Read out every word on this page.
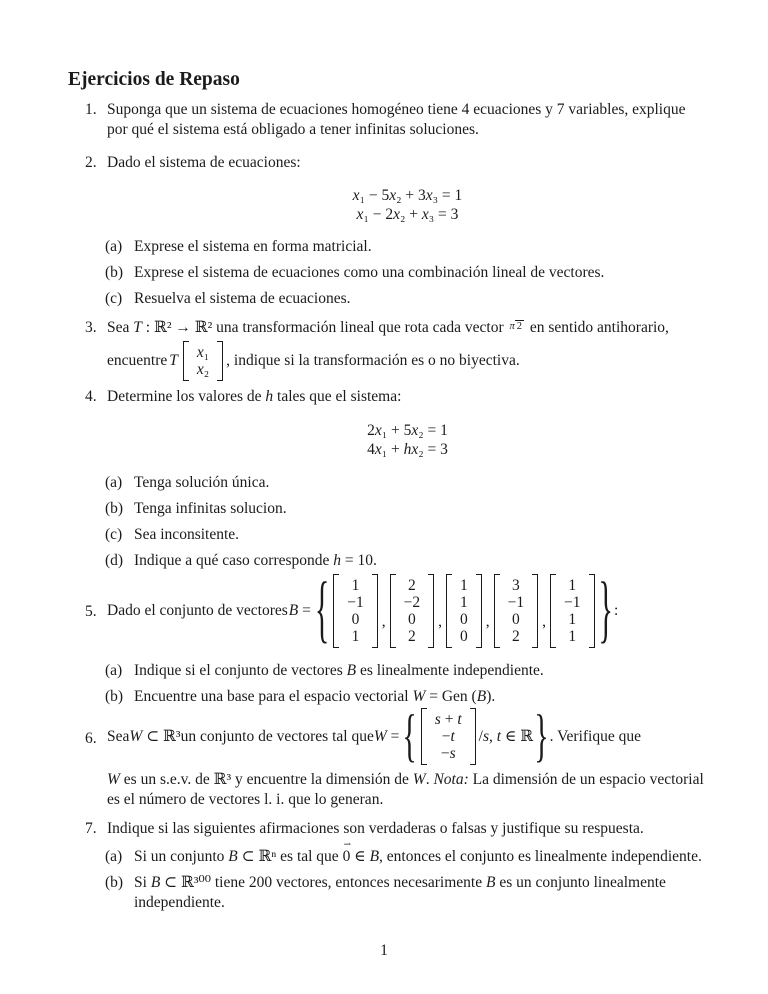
Ejercicios de Repaso
1. Suponga que un sistema de ecuaciones homogéneo tiene 4 ecuaciones y 7 variables, explique por qué el sistema está obligado a tener infinitas soluciones.
2. Dado el sistema de ecuaciones:
x₁ − 5x₂ + 3x₃ = 1
x₁ − 2x₂ + x₃ = 3
(a) Exprese el sistema en forma matricial.
(b) Exprese el sistema de ecuaciones como una combinación lineal de vectores.
(c) Resuelva el sistema de ecuaciones.
3. Sea T : ℝ² → ℝ² una transformación lineal que rota cada vector π 2 en sentido antihorario,
encuentre T x₁
x₂
, indique si la transformación es o no biyectiva.
4. Determine los valores de h tales que el sistema:
2x₁ + 5x₂ = 1
4x₁ + hx₂ = 3
(a) Tenga solución única.
(b) Tenga infinitas solucion.
(c) Sea inconsitente.
(d) Indique a qué caso corresponde h = 10.
5. Dado el conjunto de vectores B = { 1
−1
0
1
,
2
−2
0
2
,
1
1
0
0
,
3
−1
0
2
,
1
−1
1
1 } :
(a) Indique si el conjunto de vectores B es linealmente independiente.
(b) Encuentre una base para el espacio vectorial W = Gen (B).
6. Sea W ⊂ ℝ³ un conjunto de vectores tal que W = { s + t
−t
−s
/s, t ∈ ℝ } . Verifique que
W es un s.e.v. de ℝ³ y encuentre la dimensión de W. Nota: La dimensión de un espacio vectorial es el número de vectores l. i. que lo generan.
7. Indique si las siguientes afirmaciones son verdaderas o falsas y justifique su respuesta.
(a) Si un conjunto B ⊂ ℝⁿ es tal que
⇀
0 ∈ B, entonces el conjunto es linealmente independiente.
(b) Si B ⊂ ℝ³⁰⁰ tiene 200 vectores, entonces necesarimente B es un conjunto linealmente independiente.
1
